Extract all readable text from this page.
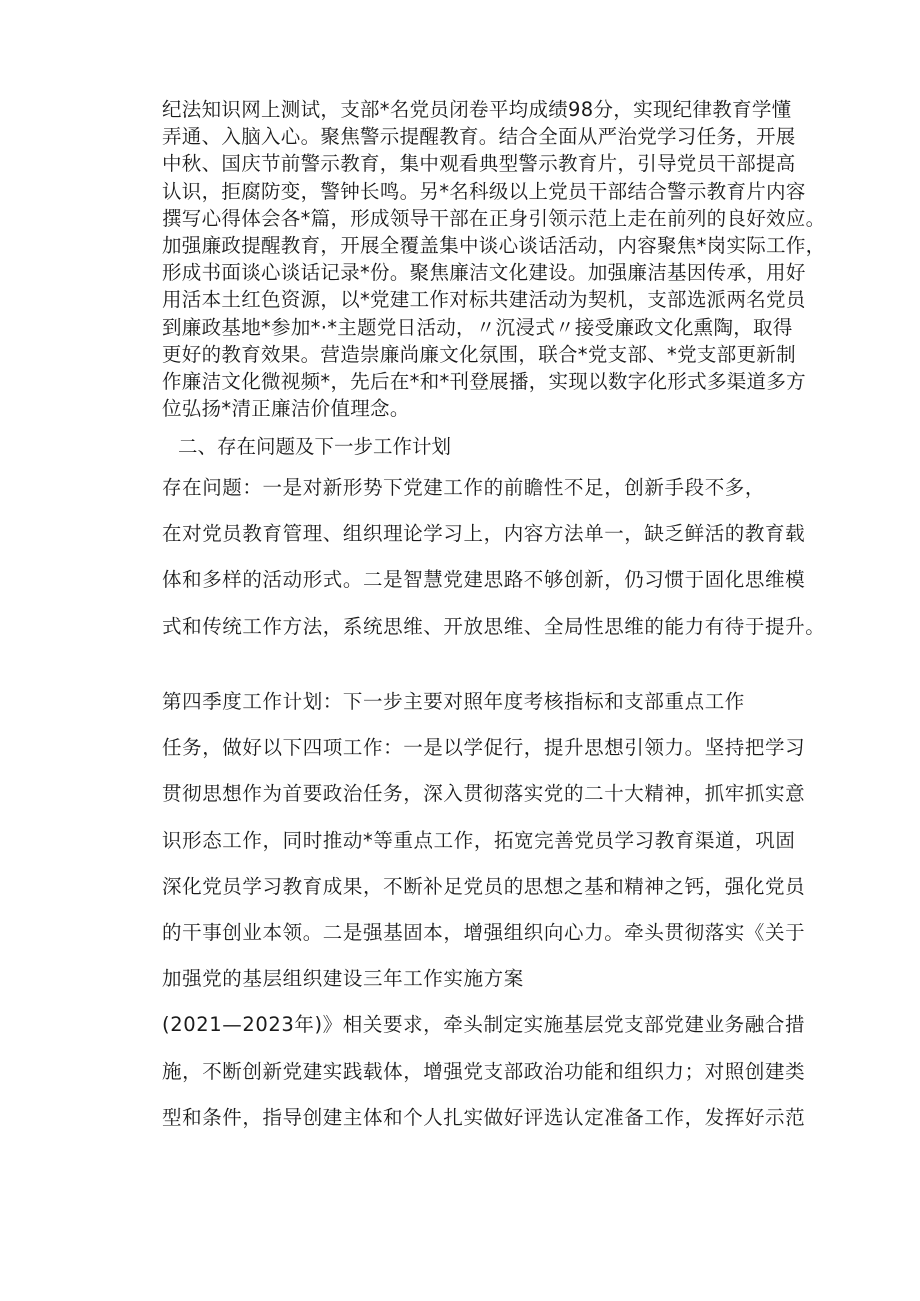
纪法知识网上测试，支部*名党员闭卷平均成绩98分，实现纪律教育学懂
弄通、入脑入心。聚焦警示提醒教育。结合全面从严治党学习任务，开展
中秋、国庆节前警示教育，集中观看典型警示教育片，引导党员干部提高
认识，拒腐防变，警钟长鸣。另*名科级以上党员干部结合警示教育片内容
撰写心得体会各*篇，形成领导干部在正身引领示范上走在前列的良好效应。
加强廉政提醒教育，开展全覆盖集中谈心谈话活动，内容聚焦*岗实际工作，
形成书面谈心谈话记录*份。聚焦廉洁文化建设。加强廉洁基因传承，用好
用活本土红色资源，以*党建工作对标共建活动为契机，支部选派两名党员
到廉政基地*参加*·*主题党日活动，〃沉浸式〃接受廉政文化熏陶，取得
更好的教育效果。营造崇廉尚廉文化氛围，联合*党支部、*党支部更新制
作廉洁文化微视频*，先后在*和*刊登展播，实现以数字化形式多渠道多方
位弘扬*清正廉洁价值理念。
二、存在问题及下一步工作计划
存在问题：一是对新形势下党建工作的前瞻性不足，创新手段不多，
在对党员教育管理、组织理论学习上，内容方法单一，缺乏鲜活的教育载
体和多样的活动形式。二是智慧党建思路不够创新，仍习惯于固化思维模
式和传统工作方法，系统思维、开放思维、全局性思维的能力有待于提升。
第四季度工作计划：下一步主要对照年度考核指标和支部重点工作
任务，做好以下四项工作：一是以学促行，提升思想引领力。坚持把学习
贯彻思想作为首要政治任务，深入贯彻落实党的二十大精神，抓牢抓实意
识形态工作，同时推动*等重点工作，拓宽完善党员学习教育渠道，巩固
深化党员学习教育成果，不断补足党员的思想之基和精神之钙，强化党员
的干事创业本领。二是强基固本，增强组织向心力。牵头贯彻落实《关于
加强党的基层组织建设三年工作实施方案
(2021—2023年)》相关要求，牵头制定实施基层党支部党建业务融合措
施，不断创新党建实践载体，增强党支部政治功能和组织力；对照创建类
型和条件，指导创建主体和个人扎实做好评选认定准备工作，发挥好示范
